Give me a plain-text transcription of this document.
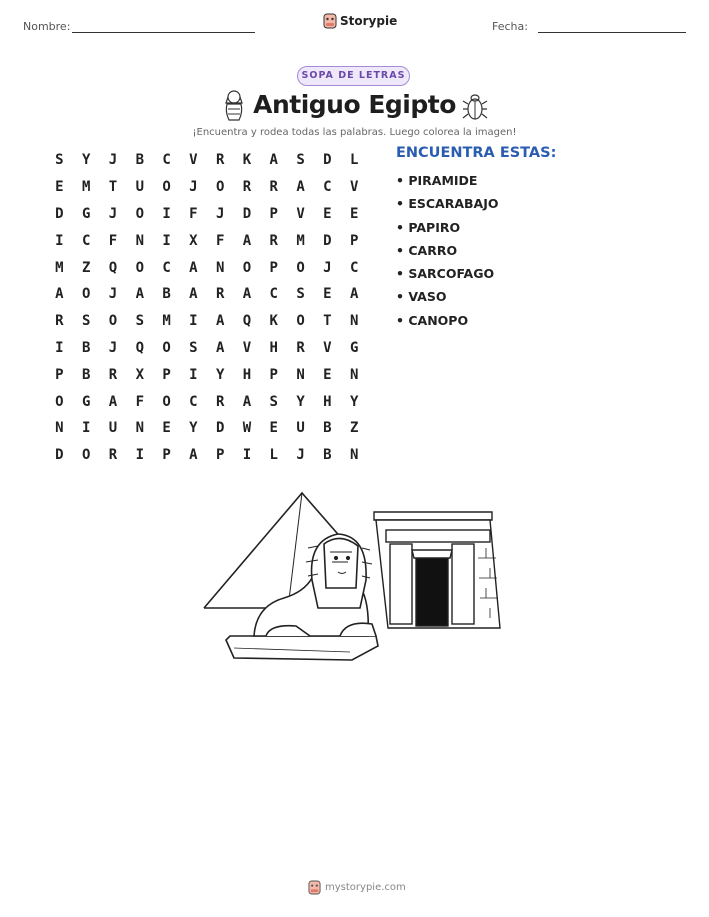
Nombre:	Storypie	Fecha:
SOPA DE LETRAS
Antiguo Egipto
¡Encuentra y rodea todas las palabras. Luego colorea la imagen!
S	Y	J	B	C	V	R	K	A	S	D	L
E	M	T	U	O	J	O	R	R	A	C	V
D	G	J	O	I	F	J	D	P	V	E	E
I	C	F	N	I	X	F	A	R	M	D	P
M	Z	Q	O	C	A	N	O	P	O	J	C
A	O	J	A	B	A	R	A	C	S	E	A
R	S	O	S	M	I	A	Q	K	O	T	N
I	B	J	Q	O	S	A	V	H	R	V	G
P	B	R	X	P	I	Y	H	P	N	E	N
O	G	A	F	O	C	R	A	S	Y	H	Y
N	I	U	N	E	Y	D	W	E	U	B	Z
D	O	R	I	P	A	P	I	L	J	B	N
ENCUENTRA ESTAS:
• PIRAMIDE
• ESCARABAJO
• PAPIRO
• CARRO
• SARCOFAGO
• VASO
• CANOPO
mystorypie.com
